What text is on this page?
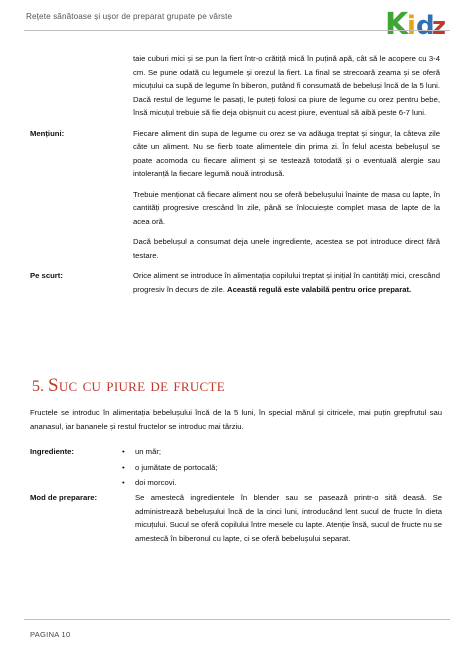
Rețete sănătoase și ușor de preparat grupate pe vârste	K
i d
z

taie cuburi mici și se pun la fiert într-o crătiță mică în puțină apă, cât să le acopere cu 3-4 cm. Se pune odată cu legumele și orezul la fiert. La final se strecoară zeama și se oferă micuțului ca supă de legume în biberon, putând fi consumată de bebeluși încă de la 5 luni. Dacă restul de legume le pasați, le puteți folosi ca piure de legume cu orez pentru bebe, însă micuțul trebuie să fie deja obișnuit cu acest piure, eventual să aibă peste 6-7 luni.

Mențiuni:	Fiecare aliment din supa de legume cu orez se va adăuga treptat și singur, la câteva zile câte un aliment. Nu se fierb toate alimentele din prima zi. În felul acesta bebelușul se poate acomoda cu fiecare aliment și se testează totodată și o eventuală alergie sau intoleranță la fiecare legumă nouă introdusă.

Trebuie menționat că fiecare aliment nou se oferă bebelușului înainte de masa cu lapte, în cantități progresive crescând în zile, până se înlocuiește complet masa de lapte de la acea oră.

Dacă bebelușul a consumat deja unele ingrediente, acestea se pot introduce direct fără testare.

Pe scurt:	Orice aliment se introduce în alimentația copilului treptat și inițial în cantități mici, crescând progresiv în decurs de zile. Această regulă este valabilă pentru orice preparat.

5. Suc cu piure de fructe

Fructele se introduc în alimentația bebelușului încă de la 5 luni, în special mărul și citricele, mai puțin grepfrutul sau ananasul, iar bananele și restul fructelor se introduc mai târziu.

Ingrediente:
•	un măr;
• o jumătate de portocală;
• doi morcovi.
Mod de preparare:	Se amestecă ingredientele în blender sau se pasează printr-o sită deasă. Se administrează bebelușului încă de la cinci luni, introducând lent sucul de fructe în dieta micuțului. Sucul se oferă copilului între mesele cu lapte. Atenție însă, sucul de fructe nu se amestecă în biberonul cu lapte, ci se oferă bebelușului separat.

PAGINA 10
